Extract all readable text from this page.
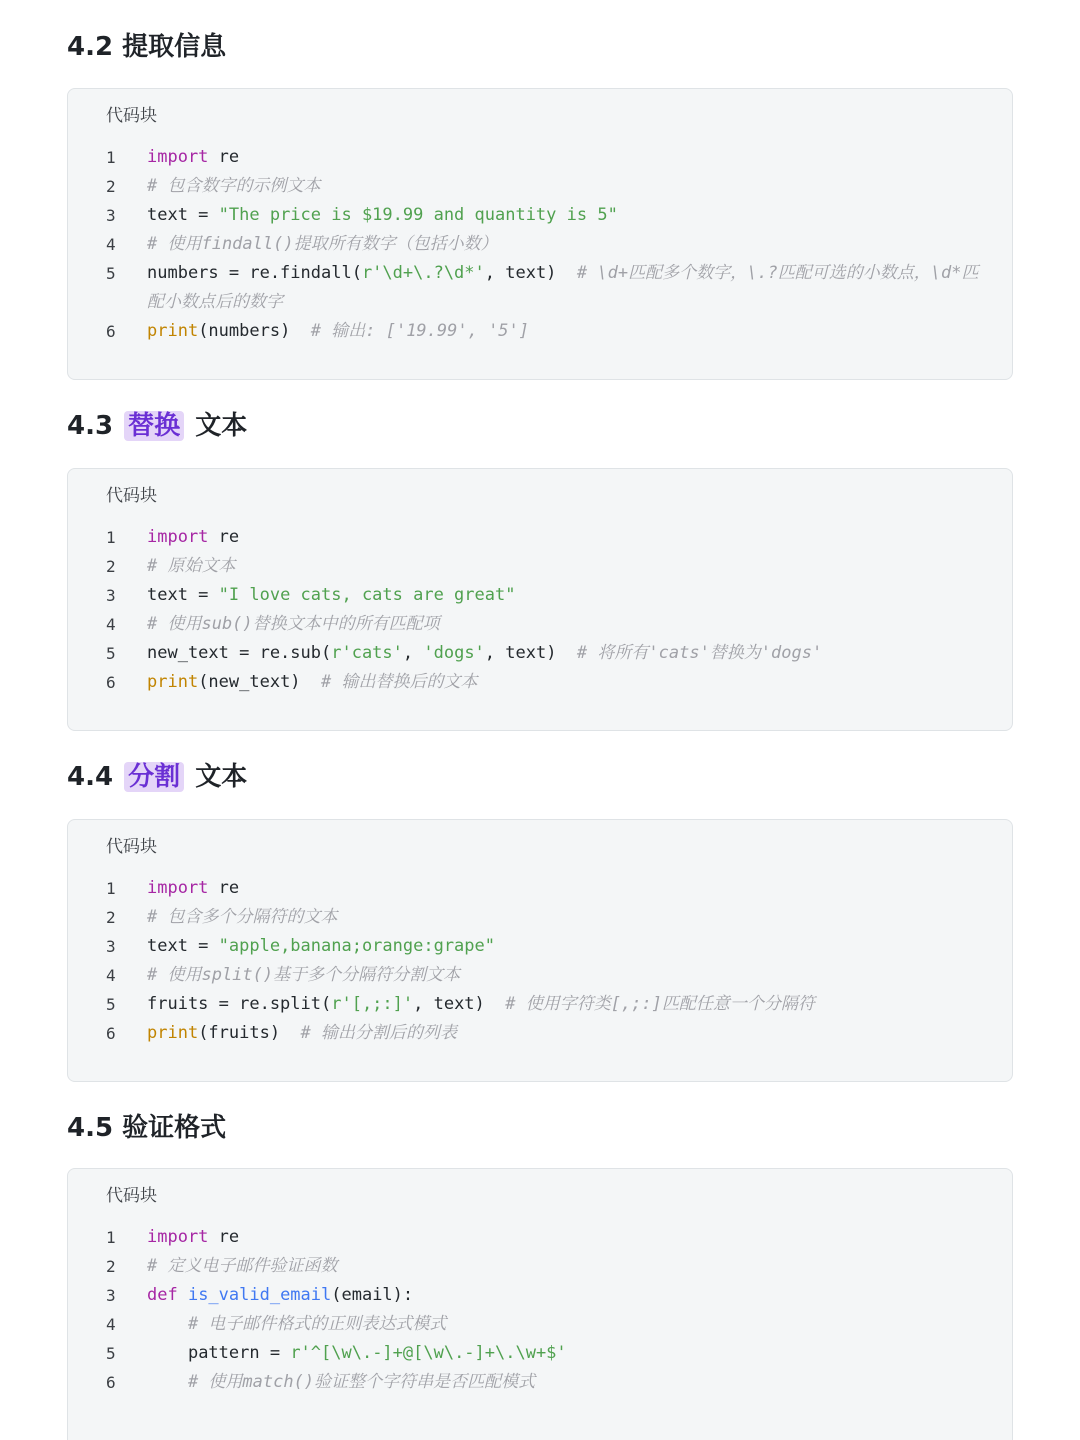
4.2 提取信息
代码块
1 import re
2 # 包含数字的示例文本
3 text = "The price is $19.99 and quantity is 5"
4 # 使用findall()提取所有数字（包括小数）
5 numbers = re.findall(r'\d+\.?\d*', text)  # \d+匹配多个数字，\.?匹配可选的小数点，\d*匹配小数点后的数字
6 print(numbers)  # 输出: ['19.99', '5']
4.3 替换 文本
代码块
1 import re
2 # 原始文本
3 text = "I love cats, cats are great"
4 # 使用sub()替换文本中的所有匹配项
5 new_text = re.sub(r'cats', 'dogs', text)  # 将所有'cats'替换为'dogs'
6 print(new_text)  # 输出替换后的文本
4.4 分割 文本
代码块
1 import re
2 # 包含多个分隔符的文本
3 text = "apple,banana;orange:grape"
4 # 使用split()基于多个分隔符分割文本
5 fruits = re.split(r'[,;:]', text)  # 使用字符类[,;:]匹配任意一个分隔符
6 print(fruits)  # 输出分割后的列表
4.5 验证格式
代码块
1 import re
2 # 定义电子邮件验证函数
3 def is_valid_email(email):
4	# 电子邮件格式的正则表达式模式
5 pattern = r'^[\w\.-]+@[\w\.-]+\.\w+$'
6	# 使用match()验证整个字符串是否匹配模式
